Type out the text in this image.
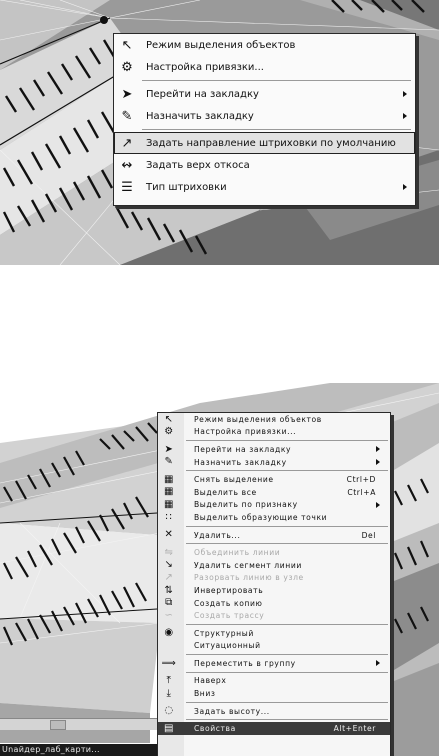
↖	Режим выделения объектов
⚙	Настройка привязки...
➤	Перейти на закладку
✎	Назначить закладку
↗	Задать направление штриховки по умолчанию
↭	Задать верх откоса
☰	Тип штриховки
Unaйдер_лаб_карти...
↖	Режим выделения объектов
⚙	Настройка привязки...
➤	Перейти на закладку
✎	Назначить закладку
▦	Снять выделение	Ctrl+D
▦	Выделить все	Ctrl+A
▦	Выделить по признаку
∷	Выделить образующие точки
✕	Удалить...	Del
⇋	Объединить линии
↘	Удалить сегмент линии
↗	Разорвать линию в узле
⇅	Инвертировать
⧉	Создать копию
∽	Создать трассу
◉	Структурный
Ситуационный
⟹ Переместить в группу
⤒	Наверх
⤓	Вниз
◌	Задать высоту...
▤	Свойства	Alt+Enter
